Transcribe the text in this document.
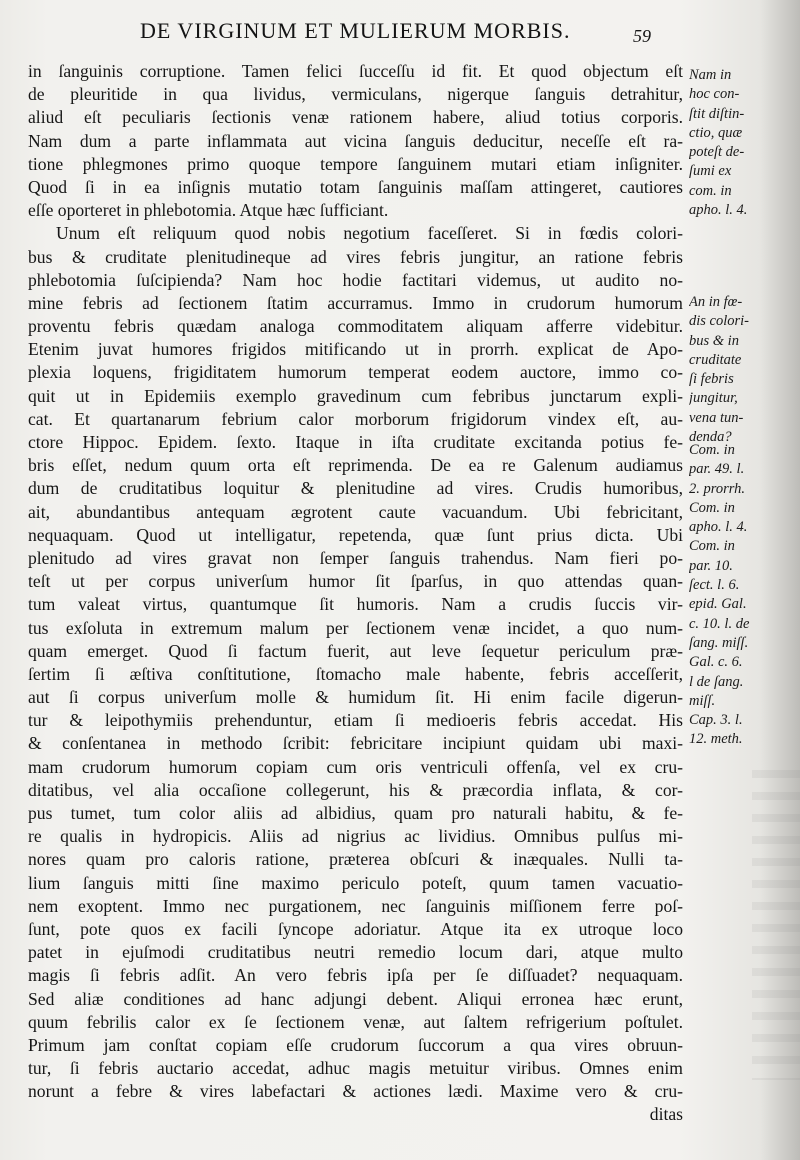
DE VIRGINUM ET MULIERUM MORBIS.	59
in ſanguinis corruptione. Tamen felici ſucceſſu id fit. Et quod objectum eſt
de pleuritide in qua lividus, vermiculans, nigerque ſanguis detrahitur,
aliud eſt peculiaris ſectionis venæ rationem habere, aliud totius corporis.
Nam dum a parte inflammata aut vicina ſanguis deducitur, neceſſe eſt ra-
tione phlegmones primo quoque tempore ſanguinem mutari etiam inſigniter.
Quod ſi in ea inſignis mutatio totam ſanguinis maſſam attingeret, cautiores
eſſe oporteret in phlebotomia. Atque hæc ſufficiant.
Unum eſt reliquum quod nobis negotium faceſſeret. Si in fœdis colori-
bus & cruditate plenitudineque ad vires febris jungitur, an ratione febris
phlebotomia ſuſcipienda? Nam hoc hodie factitari videmus, ut audito no-
mine febris ad ſectionem ſtatim accurramus. Immo in crudorum humorum
proventu febris quædam analoga commoditatem aliquam afferre videbitur.
Etenim juvat humores frigidos mitificando ut in prorrh. explicat de Apo-
plexia loquens, frigiditatem humorum temperat eodem auctore, immo co-
quit ut in Epidemiis exemplo gravedinum cum febribus junctarum expli-
cat. Et quartanarum febrium calor morborum frigidorum vindex eſt, au-
ctore Hippoc. Epidem. ſexto. Itaque in iſta cruditate excitanda potius fe-
bris eſſet, nedum quum orta eſt reprimenda. De ea re Galenum audiamus
dum de cruditatibus loquitur & plenitudine ad vires. Crudis humoribus,
ait, abundantibus antequam ægrotent caute vacuandum. Ubi febricitant,
nequaquam. Quod ut intelligatur, repetenda, quæ ſunt prius dicta. Ubi
plenitudo ad vires gravat non ſemper ſanguis trahendus. Nam fieri po-
teſt ut per corpus univerſum humor ſit ſparſus, in quo attendas quan-
tum valeat virtus, quantumque ſit humoris. Nam a crudis ſuccis vir-
tus exſoluta in extremum malum per ſectionem venæ incidet, a quo num-
quam emerget. Quod ſi factum fuerit, aut leve ſequetur periculum præ-
ſertim ſi æſtiva conſtitutione, ſtomacho male habente, febris acceſſerit,
aut ſi corpus univerſum molle & humidum ſit. Hi enim facile digerun-
tur & leipothymiis prehenduntur, etiam ſi medioeris febris accedat. His
& conſentanea in methodo ſcribit: febricitare incipiunt quidam ubi maxi-
mam crudorum humorum copiam cum oris ventriculi offenſa, vel ex cru-
ditatibus, vel alia occaſione collegerunt, his & præcordia inflata, & cor-
pus tumet, tum color aliis ad albidius, quam pro naturali habitu, & fe-
re qualis in hydropicis. Aliis ad nigrius ac lividius. Omnibus pulſus mi-
nores quam pro caloris ratione, præterea obſcuri & inæquales. Nulli ta-
lium ſanguis mitti ſine maximo periculo poteſt, quum tamen vacuatio-
nem exoptent. Immo nec purgationem, nec ſanguinis miſſionem ferre poſ-
ſunt, pote quos ex facili ſyncope adoriatur. Atque ita ex utroque loco
patet in ejuſmodi cruditatibus neutri remedio locum dari, atque multo
magis ſi febris adſit. An vero febris ipſa per ſe diſſuadet? nequaquam.
Sed aliæ conditiones ad hanc adjungi debent. Aliqui erronea hæc erunt,
quum febrilis calor ex ſe ſectionem venæ, aut ſaltem refrigerium poſtulet.
Primum jam conſtat copiam eſſe crudorum ſuccorum a qua vires obruun-
tur, ſi febris auctario accedat, adhuc magis metuitur viribus. Omnes enim
norunt a febre & vires labefactari & actiones lædi. Maxime vero & cru-
ditas
Nam in
hoc con-
ſtit diſtin-
ctio, quæ
poteſt de-
ſumi ex
com. in
apho. l. 4.
An in fœ-
dis colori-
bus & in
cruditate
ſi febris
jungitur,
vena tun-
denda?
Com. in
par. 49. l.
2. prorrh.
Com. in
apho. l. 4.
Com. in
par. 10.
ſect. l. 6.
epid. Gal.
c. 10. l. de
ſang. miſſ.
Gal. c. 6.
l de ſang.
miſſ.
Cap. 3. l.
12. meth.
